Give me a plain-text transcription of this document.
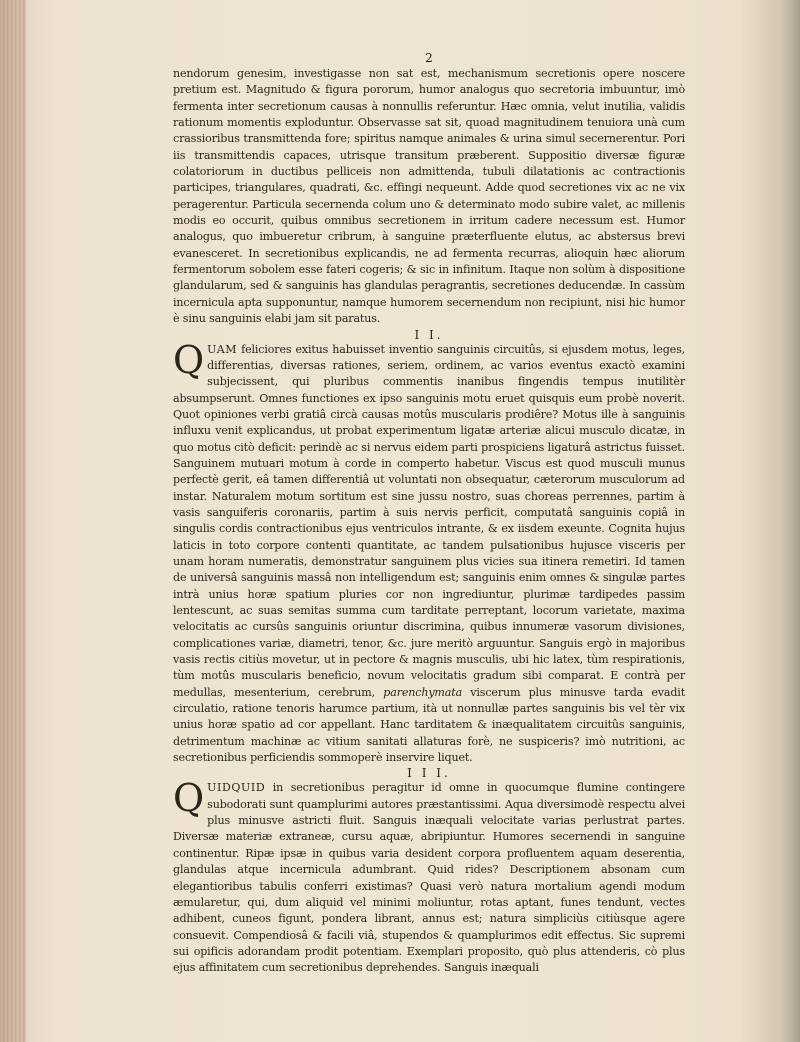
2

nendorum genesim, investigasse non sat est, mechanismum secretionis opere noscere pretium est. Magnitudo & figura pororum, humor analogus quo secretoria imbuuntur, imò fermenta inter secretionum causas à nonnullis referuntur. Hæc omnia, velut inutilia, validis rationum momentis exploduntur. Observasse sat sit, quoad magnitudinem tenuiora unà cum crassioribus transmittenda fore; spiritus namque animales & urina simul secernerentur. Pori iis transmittendis capaces, utrisque transitum præberent. Suppositio diversæ figuræ colatoriorum in ductibus pelliceis non admittenda, tubuli dilatationis ac contractionis participes, triangulares, quadrati, &c. effingi nequeunt. Adde quod secretiones vix ac ne vix peragerentur. Particula secernenda colum uno & determinato modo subire valet, ac millenis modis eo occurit, quibus omnibus secretionem in irritum cadere necessum est. Humor analogus, quo imbueretur cribrum, à sanguine præterfluente elutus, ac abstersus brevi evanesceret. In secretionibus explicandis, ne ad fermenta recurras, alioquin hæc aliorum fermentorum sobolem esse fateri cogeris; & sic in infinitum. Itaque non solùm à dispositione glandularum, sed & sanguinis has glandulas peragrantis, secretiones deducendæ. In cassùm incernicula apta supponuntur, namque humorem secernendum non recipiunt, nisi hic humor è sinu sanguinis elabi jam sit paratus.

I I.

QUAM feliciores exitus habuisset inventio sanguinis circuitûs, si ejusdem motus, leges, differentias, diversas rationes, seriem, ordinem, ac varios eventus exactò examini subjecissent, qui pluribus commentis inanibus fingendis tempus inutilitèr absumpserunt. Omnes functiones ex ipso sanguinis motu eruet quisquis eum probè noverit. Quot opiniones verbi gratiâ circà causas motûs muscularis prodiêre? Motus ille à sanguinis influxu venit explicandus, ut probat experimentum ligatæ arteriæ alicui musculo dicatæ, in quo motus citò deficit: perindè ac si nervus eidem parti prospiciens ligaturâ astrictus fuisset. Sanguinem mutuari motum à corde in comperto habetur. Viscus est quod musculi munus perfectè gerit, eâ tamen differentiâ ut voluntati non obsequatur, cæterorum musculorum ad instar. Naturalem motum sortitum est sine jussu nostro, suas choreas perrennes, partim à vasis sanguiferis coronariis, partim à suis nervis perficit, computatâ sanguinis copiâ in singulis cordis contractionibus ejus ventriculos intrante, & ex iisdem exeunte. Cognita hujus laticis in toto corpore contenti quantitate, ac tandem pulsationibus hujusce visceris per unam horam numeratis, demonstratur sanguinem plus vicies sua itinera remetiri. Id tamen de universâ sanguinis massâ non intelligendum est; sanguinis enim omnes & singulæ partes intrà unius horæ spatium pluries cor non ingrediuntur, plurimæ tardipedes passim lentescunt, ac suas semitas summa cum tarditate perreptant, locorum varietate, maxima velocitatis ac cursûs sanguinis oriuntur discrimina, quibus innumeræ vasorum divisiones, complicationes variæ, diametri, tenor, &c. jure meritò arguuntur. Sanguis ergò in majoribus vasis rectis citiùs movetur, ut in pectore & magnis musculis, ubi hic latex, tùm respirationis, tùm motûs muscularis beneficio, novum velocitatis gradum sibi comparat. E contrà per medullas, mesenterium, cerebrum, parenchymata viscerum plus minusve tarda evadit circulatio, ratione tenoris harumce partium, ità ut nonnullæ partes sanguinis bis vel tèr vix unius horæ spatio ad cor appellant. Hanc tarditatem & inæqualitatem circuitûs sanguinis, detrimentum machinæ ac vitium sanitati allaturas forè, ne suspiceris? imò nutritioni, ac secretionibus perficiendis sommoperè inservire liquet.

I I I.

QUIDQUID in secretionibus peragitur id omne in quocumque flumine contingere subodorati sunt quamplurimi autores præstantissimi. Aqua diversimodè respectu alvei plus minusve astricti fluit. Sanguis inæquali velocitate varias perlustrat partes. Diversæ materiæ extraneæ, cursu aquæ, abripiuntur. Humores secernendi in sanguine continentur. Ripæ ipsæ in quibus varia desident corpora profluentem aquam deserentia, glandulas atque incernicula adumbrant. Quid rides? Descriptionem absonam cum elegantioribus tabulis conferri existimas? Quasi verò natura mortalium agendi modum æmularetur, qui, dum aliquid vel minimi moliuntur, rotas aptant, funes tendunt, vectes adhibent, cuneos figunt, pondera librant, annus est; natura simpliciùs citiùsque agere consuevit. Compendiosâ & facili viâ, stupendos & quamplurimos edit effectus. Sic supremi sui opificis adorandam prodit potentiam. Exemplari proposito, quò plus attenderis, cò plus ejus affinitatem cum secretionibus deprehendes. Sanguis inæquali
